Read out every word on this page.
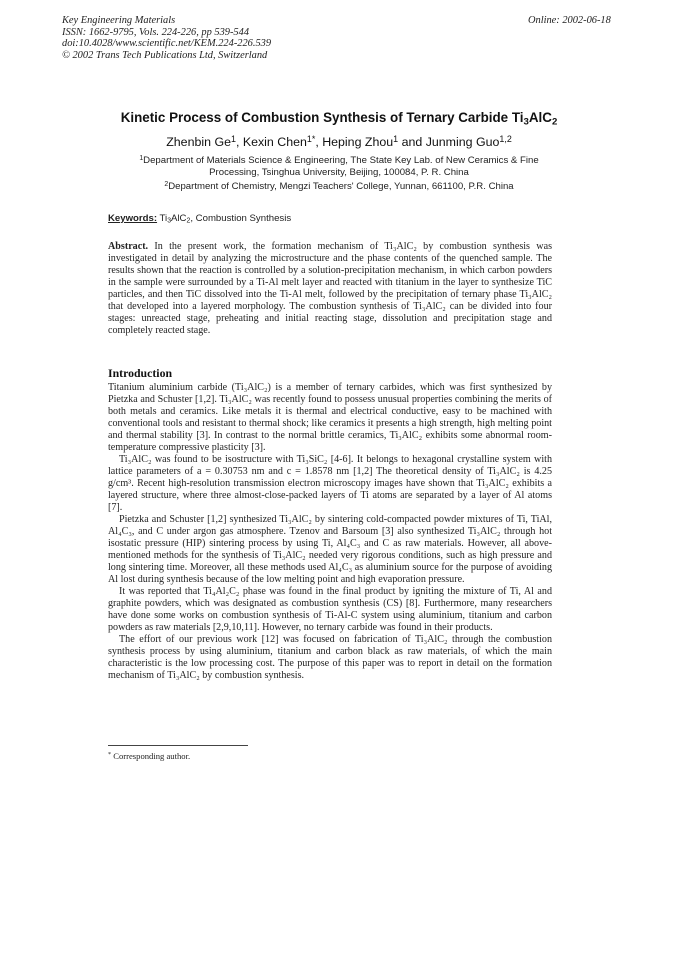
Key Engineering Materials
ISSN: 1662-9795, Vols. 224-226, pp 539-544
doi:10.4028/www.scientific.net/KEM.224-226.539
© 2002 Trans Tech Publications Ltd, Switzerland
Online: 2002-06-18
Kinetic Process of Combustion Synthesis of Ternary Carbide $Ti_3AlC_2$
Zhenbin Ge$^1$, Kexin Chen$^{1*}$, Heping Zhou$^1$ and Junming Guo$^{1,2}$
$^1$Department of Materials Science & Engineering, The State Key Lab. of New Ceramics & Fine
Processing, Tsinghua University, Beijing, 100084, P. R. China
$^2$Department of Chemistry, Mengzi Teachers' College, Yunnan, 661100, P.R. China
Keywords: $Ti_3AlC_2$, Combustion Synthesis

Abstract. In the present work, the formation mechanism of Ti₃AlC₂ by combustion synthesis was investigated in detail by analyzing the microstructure and the phase contents of the quenched sample. The results shown that the reaction is controlled by a solution-precipitation mechanism, in which carbon powders in the sample were surrounded by a Ti-Al melt layer and reacted with titanium in the layer to synthesize TiC particles, and then TiC dissolved into the Ti-Al melt, followed by the precipitation of ternary phase Ti₃AlC₂ that developed into a layered morphology. The combustion synthesis of Ti₃AlC₂ can be divided into four stages: unreacted stage, preheating and initial reacting stage, dissolution and precipitation stage and completely reacted stage.

Introduction

Titanium aluminium carbide (Ti₃AlC₂) is a member of ternary carbides, which was first synthesized by Pietzka and Schuster [1,2]. Ti₃AlC₂ was recently found to possess unusual properties combining the merits of both metals and ceramics. Like metals it is thermal and electrical conductive, easy to be machined with conventional tools and resistant to thermal shock; like ceramics it presents a high strength, high melting point and thermal stability [3]. In contrast to the normal brittle ceramics, Ti₃AlC₂ exhibits some abnormal room-temperature compressive plasticity [3].

Ti₃AlC₂ was found to be isostructure with Ti₃SiC₂ [4-6]. It belongs to hexagonal crystalline system with lattice parameters of a = 0.30753 nm and c = 1.8578 nm [1,2] The theoretical density of Ti₃AlC₂ is 4.25 g/cm³. Recent high-resolution transmission electron microscopy images have shown that Ti₃AlC₂ exhibits a layered structure, where three almost-close-packed layers of Ti atoms are separated by a layer of Al atoms [7].

Pietzka and Schuster [1,2] synthesized Ti₃AlC₂ by sintering cold-compacted powder mixtures of Ti, TiAl, Al₄C₃, and C under argon gas atmosphere. Tzenov and Barsoum [3] also synthesized Ti₃AlC₂ through hot isostatic pressure (HIP) sintering process by using Ti, Al₄C₃ and C as raw materials. However, all above-mentioned methods for the synthesis of Ti₃AlC₂ needed very rigorous conditions, such as high pressure and long sintering time. Moreover, all these methods used Al₄C₃ as aluminium source for the purpose of avoiding Al lost during synthesis because of the low melting point and high evaporation pressure.

It was reported that Ti₄Al₂C₂ phase was found in the final product by igniting the mixture of Ti, Al and graphite powders, which was designated as combustion synthesis (CS) [8]. Furthermore, many researchers have done some works on combustion synthesis of Ti-Al-C system using aluminium, titanium and carbon powders as raw materials [2,9,10,11]. However, no ternary carbide was found in their products.

The effort of our previous work [12] was focused on fabrication of Ti₃AlC₂ through the combustion synthesis process by using aluminium, titanium and carbon black as raw materials, of which the main characteristic is the low processing cost. The purpose of this paper was to report in detail on the formation mechanism of Ti₃AlC₂ by combustion synthesis.

* Corresponding author.
